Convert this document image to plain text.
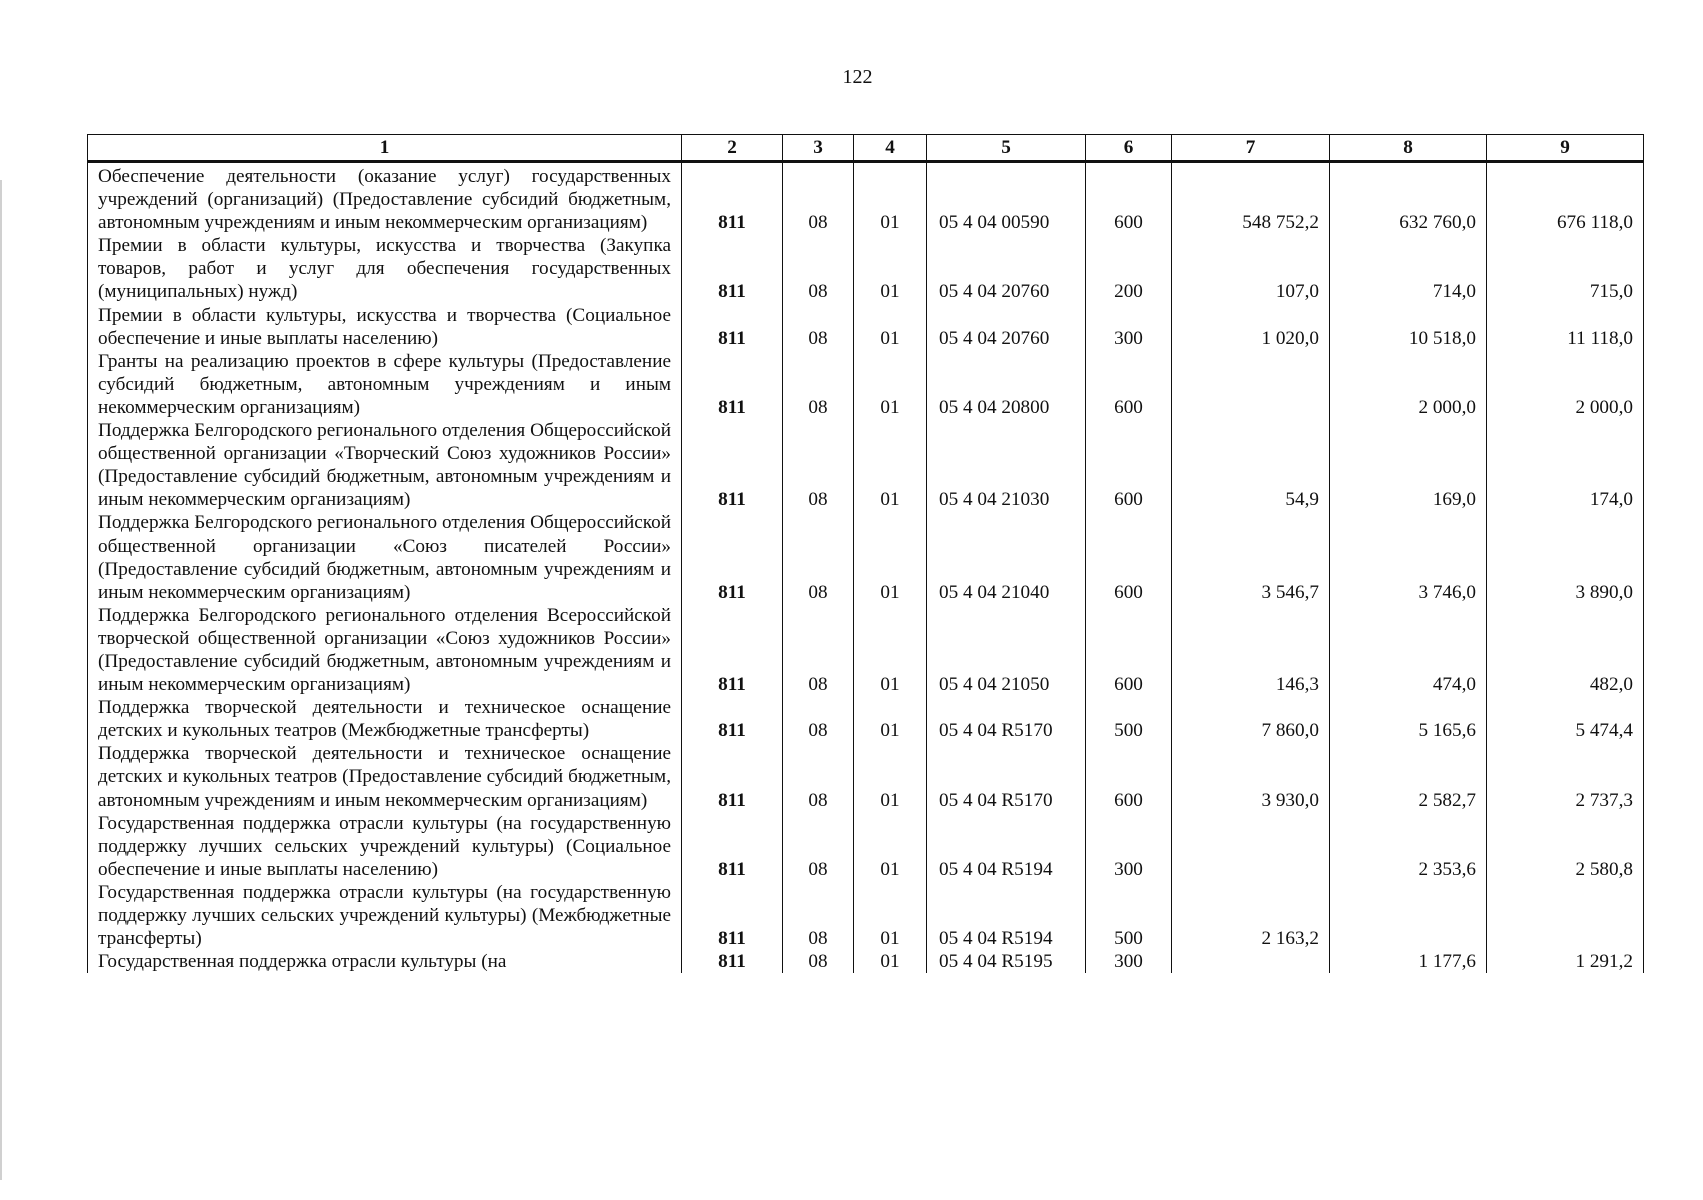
122
1	2	3	4	5	6	7	8	9
Обеспечение деятельности (оказание услуг) государственных учреждений (организаций) (Предоставление субсидий бюджетным, автономным учреждениям и иным некоммерческим организациям)	811	08	01	05 4 04 00590	600	548 752,2	632 760,0	676 118,0
Премии в области культуры, искусства и творчества (Закупка товаров, работ и услуг для обеспечения государственных (муниципальных) нужд)	811	08	01	05 4 04 20760	200	107,0	714,0	715,0
Премии в области культуры, искусства и творчества (Социальное обеспечение и иные выплаты населению)	811	08	01	05 4 04 20760	300	1 020,0	10 518,0	11 118,0
Гранты на реализацию проектов в сфере культуры (Предоставление субсидий бюджетным, автономным учреждениям и иным некоммерческим организациям)	811	08	01	05 4 04 20800	600		2 000,0	2 000,0
Поддержка Белгородского регионального отделения Общероссийской общественной организации «Творческий Союз художников России» (Предоставление субсидий бюджетным, автономным учреждениям и иным некоммерческим организациям)	811	08	01	05 4 04 21030	600	54,9	169,0	174,0
Поддержка Белгородского регионального отделения Общероссийской общественной организации «Союз писателей России» (Предоставление субсидий бюджетным, автономным учреждениям и иным некоммерческим организациям)	811	08	01	05 4 04 21040	600	3 546,7	3 746,0	3 890,0
Поддержка Белгородского регионального отделения Всероссийской творческой общественной организации «Союз художников России» (Предоставление субсидий бюджетным, автономным учреждениям и иным некоммерческим организациям)	811	08	01	05 4 04 21050	600	146,3	474,0	482,0
Поддержка творческой деятельности и техническое оснащение детских и кукольных театров (Межбюджетные трансферты)	811	08	01	05 4 04 R5170	500	7 860,0	5 165,6	5 474,4
Поддержка творческой деятельности и техническое оснащение детских и кукольных театров (Предоставление субсидий бюджетным, автономным учреждениям и иным некоммерческим организациям)	811	08	01	05 4 04 R5170	600	3 930,0	2 582,7	2 737,3
Государственная поддержка отрасли культуры (на государственную поддержку лучших сельских учреждений культуры) (Социальное обеспечение и иные выплаты населению)	811	08	01	05 4 04 R5194	300		2 353,6	2 580,8
Государственная поддержка отрасли культуры (на государственную поддержку лучших сельских учреждений культуры) (Межбюджетные трансферты)	811	08	01	05 4 04 R5194	500	2 163,2		
Государственная поддержка отрасли культуры (на	811	08	01	05 4 04 R5195	300		1 177,6	1 291,2
